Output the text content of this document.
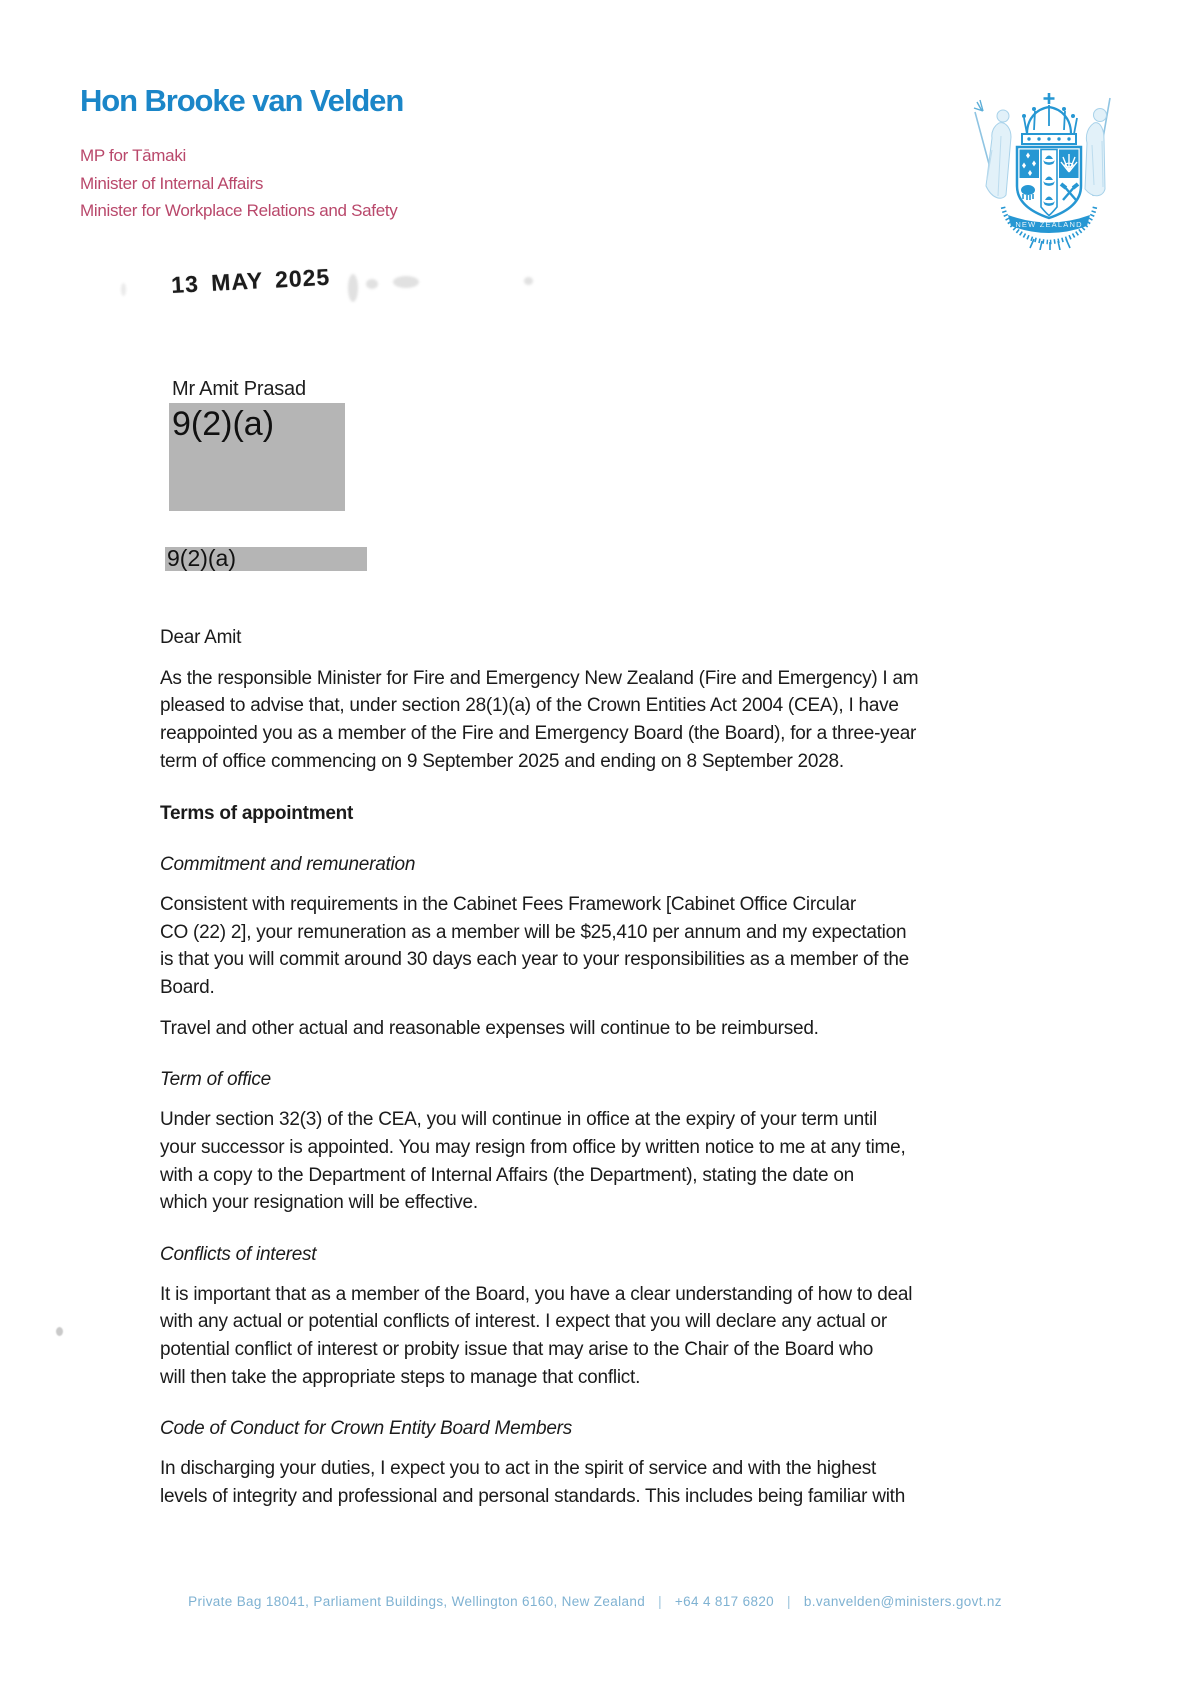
Hon Brooke van Velden
MP for Tāmaki
Minister of Internal Affairs
Minister for Workplace Relations and Safety
NEW ZEALAND
13 MAY 2025
Mr Amit Prasad
9(2)(a)
9(2)(a)
Dear Amit
As the responsible Minister for Fire and Emergency New Zealand (Fire and Emergency) I am
pleased to advise that, under section 28(1)(a) of the Crown Entities Act 2004 (CEA), I have
reappointed you as a member of the Fire and Emergency Board (the Board), for a three-year
term of office commencing on 9 September 2025 and ending on 8 September 2028.
Terms of appointment
Commitment and remuneration
Consistent with requirements in the Cabinet Fees Framework [Cabinet Office Circular
CO (22) 2], your remuneration as a member will be $25,410 per annum and my expectation
is that you will commit around 30 days each year to your responsibilities as a member of the
Board.
Travel and other actual and reasonable expenses will continue to be reimbursed.
Term of office
Under section 32(3) of the CEA, you will continue in office at the expiry of your term until
your successor is appointed. You may resign from office by written notice to me at any time,
with a copy to the Department of Internal Affairs (the Department), stating the date on
which your resignation will be effective.
Conflicts of interest
It is important that as a member of the Board, you have a clear understanding of how to deal
with any actual or potential conflicts of interest. I expect that you will declare any actual or
potential conflict of interest or probity issue that may arise to the Chair of the Board who
will then take the appropriate steps to manage that conflict.
Code of Conduct for Crown Entity Board Members
In discharging your duties, I expect you to act in the spirit of service and with the highest
levels of integrity and professional and personal standards. This includes being familiar with
Private Bag 18041, Parliament Buildings, Wellington 6160, New Zealand | +64 4 817 6820 | b.vanvelden@ministers.govt.nz
